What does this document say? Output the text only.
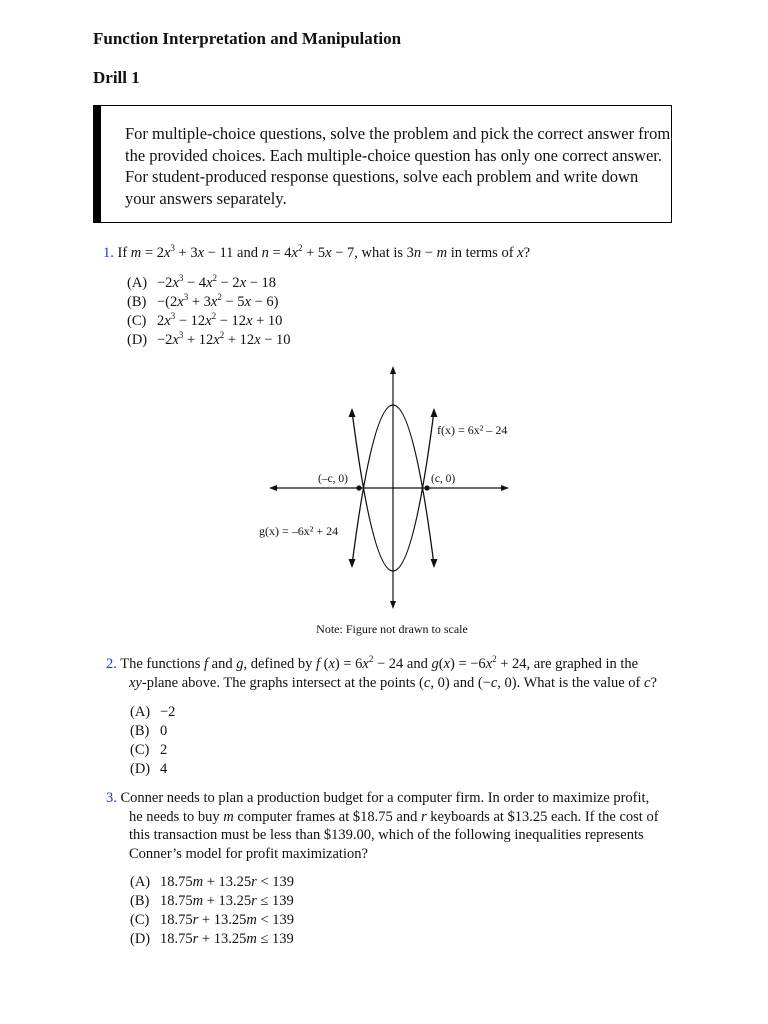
Function Interpretation and Manipulation
Drill 1
For multiple-choice questions, solve the problem and pick the correct answer from the provided choices. Each multiple-choice question has only one correct answer. For student-produced response questions, solve each problem and write down your answers separately.
1. If $m = 2x^3 + 3x - 11$ and $n = 4x^2 + 5x - 7$, what is 3n − m in terms of x?
$(A) -2x^3 - 4x^2 - 2x - 18$
$(B) -(2x^3 + 3x^2 - 5x - 6)$
(C) $2x^3 - 12x^2 - 12x + 10$
$(D) -2x^3 + 12x^2 + 12x - 10$
f(x) = 6x² – 24
g(x) = –6x² + 24
(–c, 0)	(c, 0)
Note: Figure not drawn to scale
2. The functions f and g, defined by f $(x) = 6x^2 - 24$ and $g(x) = -6x^2 + 24$, are graphed in the
xy-plane above. The graphs intersect at the points (c, 0) and (−c, 0). What is the value of c?
(A) −2
(B) 0
(C) 2
(D) 4
3. Conner needs to plan a production budget for a computer firm. In order to maximize profit,
he needs to buy m computer frames at $18.75 and r keyboards at $13.25 each. If the cost of
this transaction must be less than $139.00, which of the following inequalities represents
Conner’s model for profit maximization?
(A) 18.75m + 13.25r < 139
(B) 18.75m + 13.25r ≤ 139
(C) 18.75r + 13.25m < 139
(D) 18.75r + 13.25m ≤ 139
